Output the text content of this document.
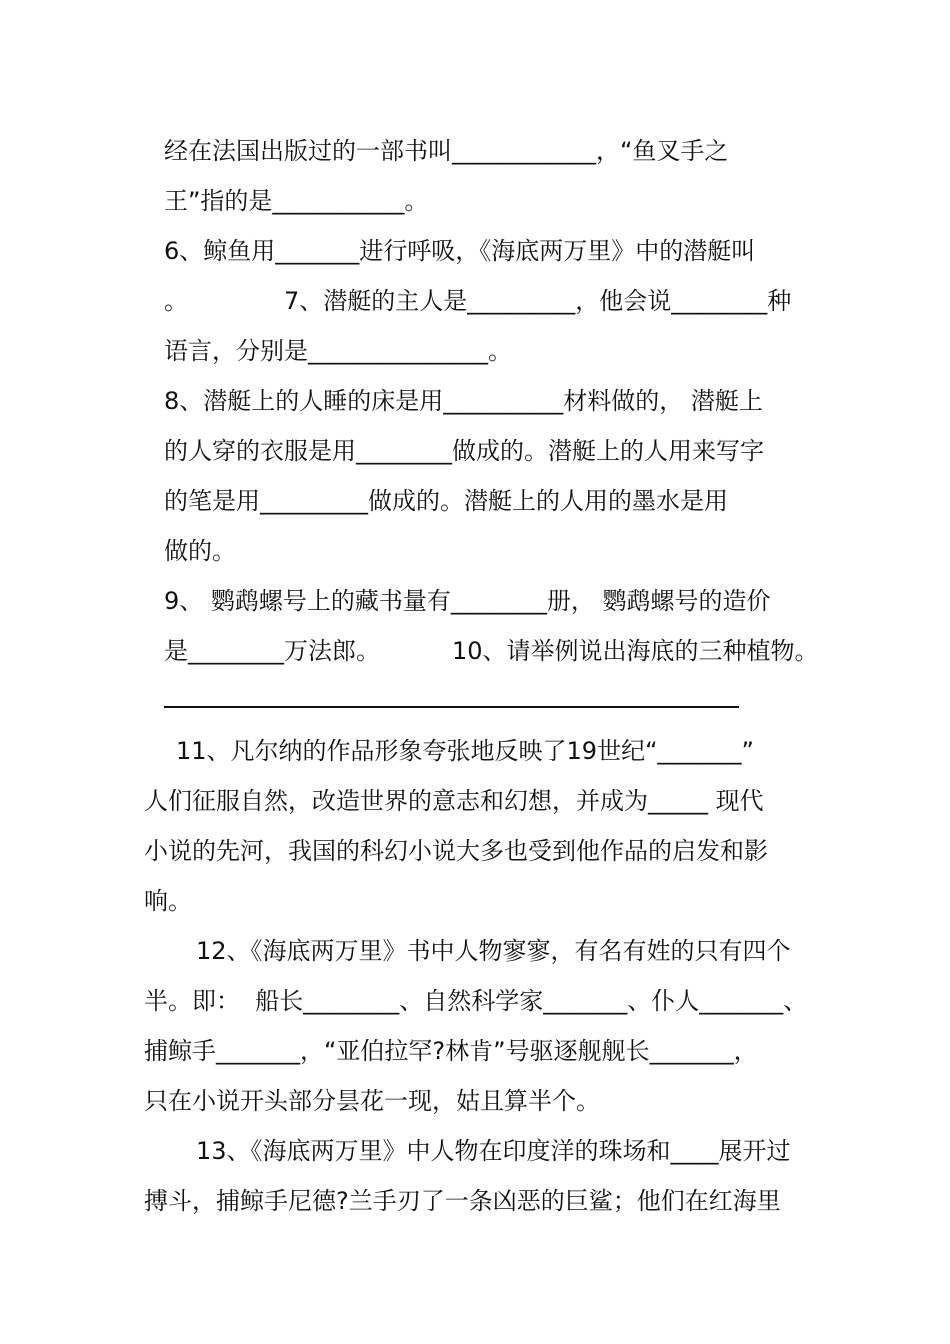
经在法国出版过的一部书叫____________，“鱼叉手之
王”指的是___________。
6、鲸鱼用_______进行呼吸，《海底两万里》中的潜艇叫
。	7、潜艇的主人是_________，他会说________种
语言，分别是_______________。
8、潜艇上的人睡的床是用__________材料做的， 潜艇上
的人穿的衣服是用________做成的。潜艇上的人用来写字
的笔是用_________做成的。潜艇上的人用的墨水是用
做的。
9、 鹦鹉螺号上的藏书量有________册， 鹦鹉螺号的造价
是________万法郎。	10、请举例说出海底的三种植物。
11、凡尔纳的作品形象夸张地反映了19世纪“_______”
人们征服自然，改造世界的意志和幻想，并成为_____ 现代
小说的先河，我国的科幻小说大多也受到他作品的启发和影
响。
12、《海底两万里》书中人物寥寥，有名有姓的只有四个
半。即：  船长________、自然科学家_______、仆人_______、
捕鲸手_______，“亚伯拉罕?林肯”号驱逐舰舰长_______，
只在小说开头部分昙花一现，姑且算半个。
13、《海底两万里》中人物在印度洋的珠场和____展开过
搏斗，捕鲸手尼德?兰手刃了一条凶恶的巨鲨；他们在红海里
